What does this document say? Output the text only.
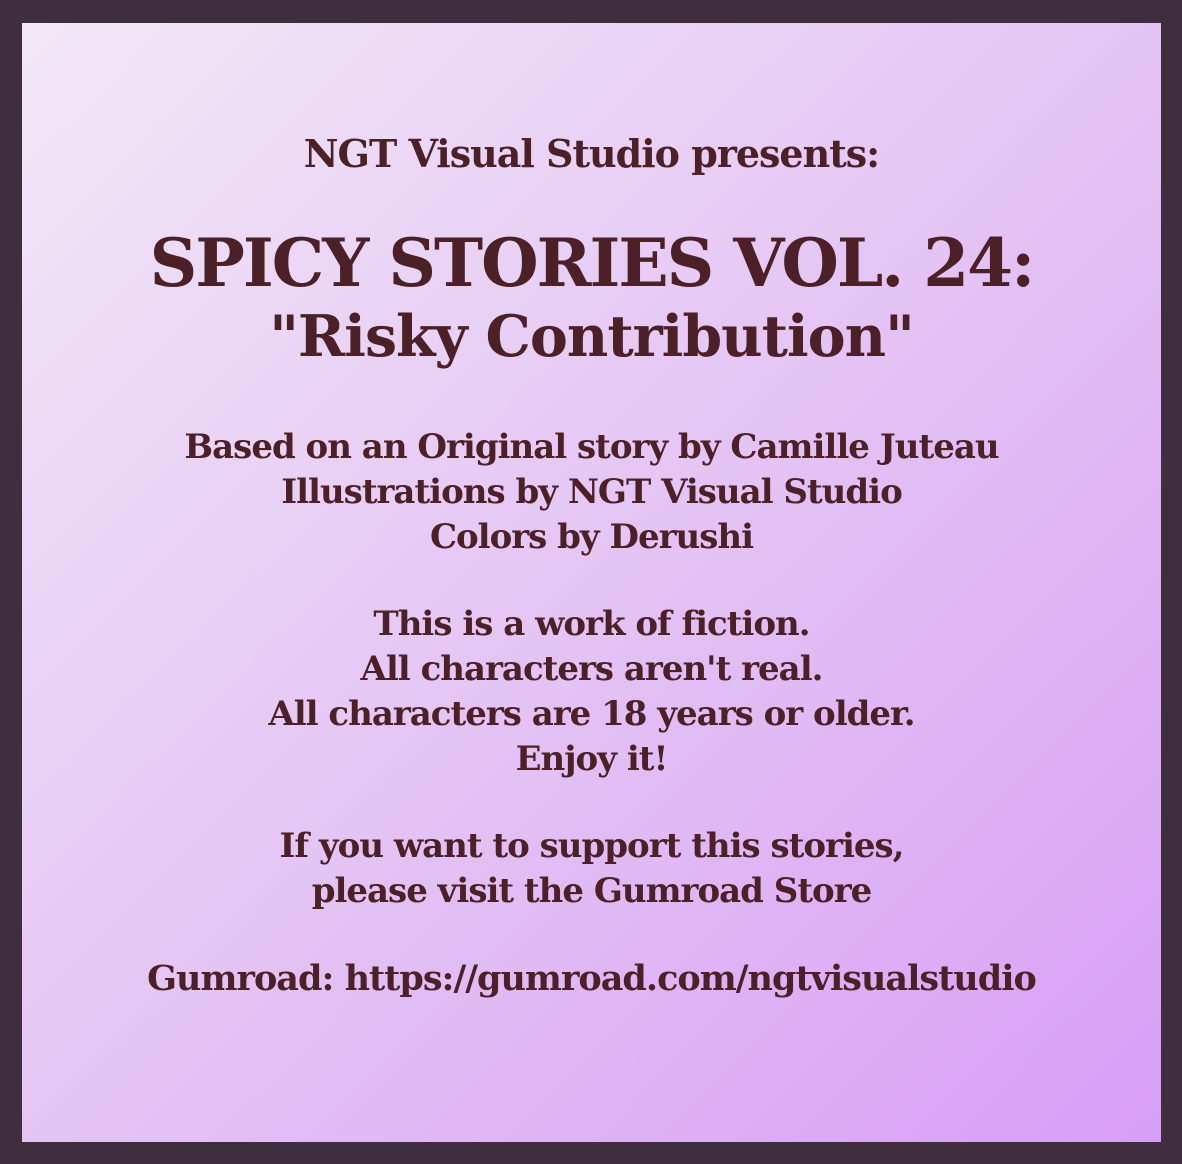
NGT Visual Studio presents:
SPICY STORIES VOL. 24:
"Risky Contribution"
Based on an Original story by Camille Juteau
Illustrations by NGT Visual Studio
Colors by Derushi
This is a work of fiction.
All characters aren't real.
All characters are 18 years or older.
Enjoy it!
If you want to support this stories,
please visit the Gumroad Store
Gumroad: https://gumroad.com/ngtvisualstudio
